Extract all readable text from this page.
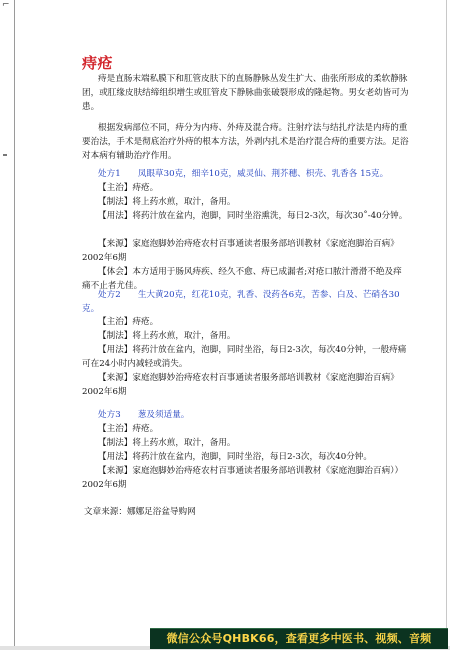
⌐
痔疮

痔是直肠末端私膜下和肛管皮肤下的直肠静脉丛发生扩大、曲张所形成的柔软静脉团，或肛缘皮肤结缔组织增生或肛管皮下静脉曲张破裂形成的隆起物。男女老幼皆可为患。

根据发病部位不同，痔分为内痔、外痔及混合痔。注射疗法与结扎疗法是内痔的重要治法，手术是彻底治疗外痔的根本方法，外剥内扎术是治疗混合痔的重要方法。足浴对本病有辅助治疗作用。

处方1　　凤眼草30克，细辛10克，威灵仙、荆芥穗、枳壳、乳香各 15克。

【主治】痔疮。

【制法】将上药水煎，取汁，备用。

【用法】将药汁放在盆内，泡脚，同时坐浴熏洗，每日2-3次，每次30˚-40分钟。

【来源】家庭泡脚妙治痔疮农村百事通读者服务部培训教材《家庭泡脚治百病》2002年6期

【体会】本方适用于肠风痔疾、经久不愈、痔已成漏者;对疮口脓汁滑滑不绝及痒痛不止者尤佳。

处方2　　生大黄20克，红花10克，乳香、没药各6克，苦参、白及、芒硝各30克。

【主治】痔疮。

【制法】将上药水煎，取汁，备用。

【用法】将药汁放在盆内，泡脚，同时坐浴，每日2-3次，每次40分钟，一般痔痛可在24小时内减轻或消失。

【来源】家庭泡脚妙治痔疮农村百事通读者服务部培训教材《家庭泡脚治百病》2002年6期

处方3　　葱及须适量。

【主治】痔疮。

【制法】将上药水煎，取汁，备用。

【用法】将药汁放在盆内，泡脚，同时坐浴，每日2-3次，每次40分钟。

【来源】家庭泡脚妙治痔疮农村百事通读者服务部培训教材《家庭泡脚治百病））2002年6期

文章来源：娜娜足浴盆导购网
微信公众号QHBK66，查看更多中医书、视频、音频
